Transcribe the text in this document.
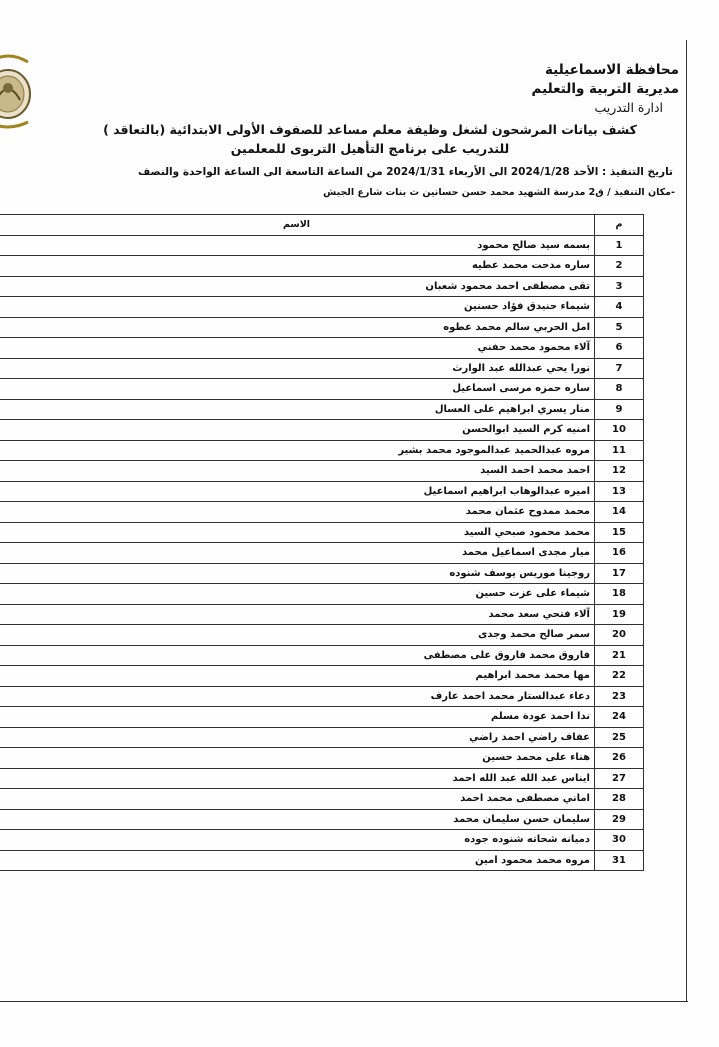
محافظة الاسماعيلية
مديرية التربية والتعليم
ادارة التدريب
كشف بيانات المرشحون لشغل وظيفة معلم مساعد للصفوف الأولى الابتدائية (بالتعاقد )
للتدريب على برنامج التأهيل التربوى للمعلمين
تاريخ التنفيذ : الأحد 2024/1/28 الى الأربعاء 2024/1/31 من الساعة التاسعة الى الساعة الواحدة والنصف
-مكان التنفيذ / ق2 مدرسة الشهيد محمد حسن حسانين ث بنات شارع الجيش
م	الاسم
1	بسمه سيد صالح محمود
2	ساره مدحت محمد عطيه
3	تقى مصطفى احمد محمود شعبان
4	شيماء حنيدق فؤاد حسنين
5	امل الحربي سالم محمد عطوه
6	آلاء محمود محمد حفني
7	نورا يحي عبدالله عبد الوارث
8	ساره حمزه مرسى اسماعيل
9	منار يسري ابراهيم على العسال
10	امنيه كرم السيد ابوالحسن
11	مروه عبدالحميد عبدالموجود محمد بشير
12	احمد محمد احمد السيد
13	اميره عبدالوهاب ابراهيم اسماعيل
14	محمد ممدوح عثمان محمد
15	محمد محمود صبحي السيد
16	ميار مجدى اسماعيل محمد
17	روجينا موريس يوسف شنوده
18	شيماء على عزت حسين
19	آلاء فتحي سعد محمد
20	سمر صالح محمد وجدى
21	فاروق محمد فاروق على مصطفى
22	مها محمد محمد ابراهيم
23	دعاء عبدالستار محمد احمد عارف
24	ندا احمد عودة مسلم
25	عفاف راضي احمد راضي
26	هناء على محمد حسين
27	ايناس عبد الله عبد الله احمد
28	اماني مصطفى محمد احمد
29	سليمان حسن سليمان محمد
30	دميانه شحاته شنوده جوده
31	مروه محمد محمود امين
